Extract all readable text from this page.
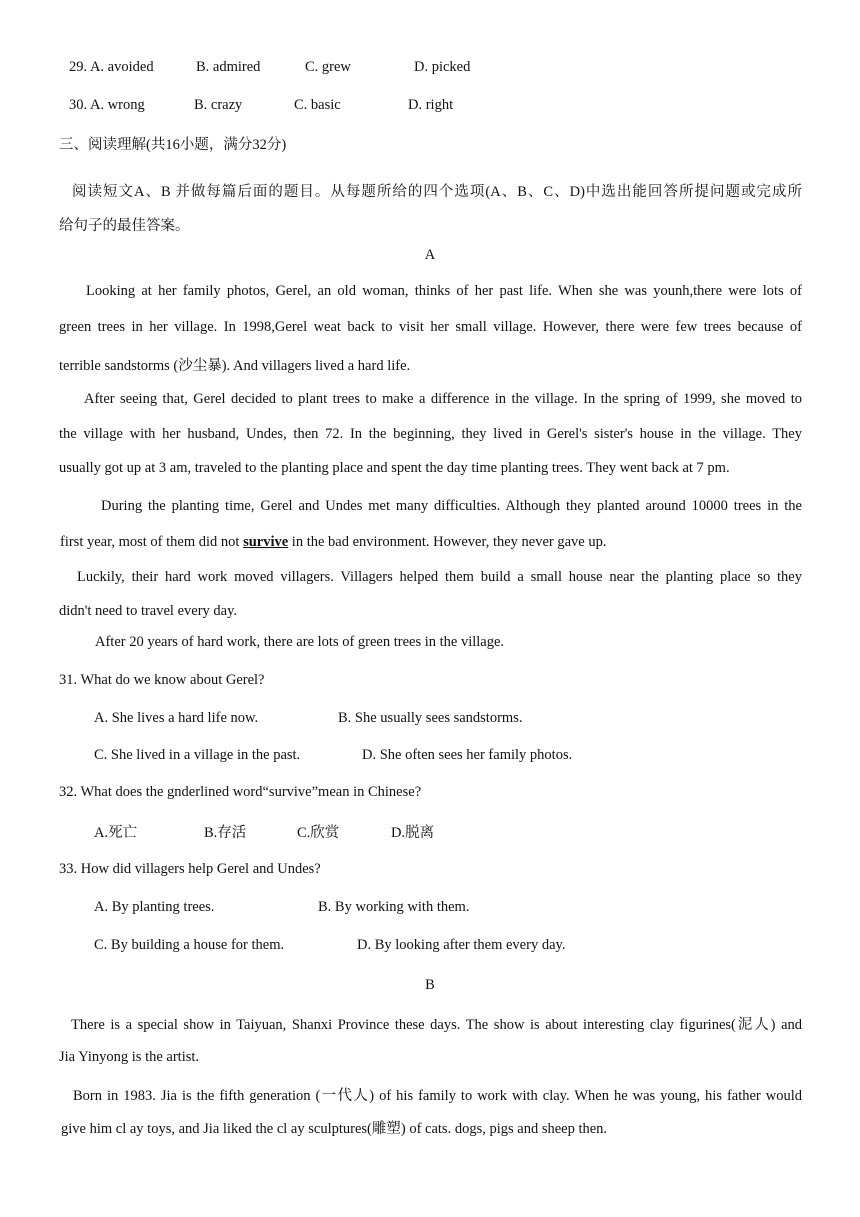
29. A. avoided	B. admired	C. grew	D. picked
30. A. wrong	B. crazy	C. basic	D. right
三、阅读理解(共16小题，满分32分)
阅读短文A、B 并做每篇后面的题目。从每题所给的四个选项(A、B、C、D)中选出能回答所提问题或完成所
给句子的最佳答案。
A
Looking at her family photos, Gerel, an old woman, thinks of her past life. When she was younh,there were lots of
green trees in her village. In 1998,Gerel weat back to visit her small village. However, there were few trees because of
terrible sandstorms (沙尘暴). And villagers lived a hard life.
After seeing that, Gerel decided to plant trees to make a difference in the village. In the spring of 1999, she moved to
the village with her husband, Undes, then 72. In the beginning, they lived in Gerel's sister's house in the village. They
usually got up at 3 am, traveled to the planting place and spent the day time planting trees. They went back at 7 pm.
During the planting time, Gerel and Undes met many difficulties. Although they planted around 10000 trees in the
first year, most of them did not survive in the bad environment. However, they never gave up.
Luckily, their hard work moved villagers. Villagers helped them build a small house near the planting place so they
didn't need to travel every day.
After 20 years of hard work, there are lots of green trees in the village.
31. What do we know about Gerel?
A. She lives a hard life now.	B. She usually sees sandstorms.
C. She lived in a village in the past.	D. She often sees her family photos.
32. What does the gnderlined word“survive”mean in Chinese?
A.死亡	B.存活	C.欣赏	D.脱离
33. How did villagers help Gerel and Undes?
A. By planting trees.	B. By working with them.
C. By building a house for them.	D. By looking after them every day.
B
There is a special show in Taiyuan, Shanxi Province these days. The show is about interesting clay figurines(泥人) and
Jia Yinyong is the artist.
Born in 1983. Jia is the fifth generation (一代人) of his family to work with clay. When he was young, his father would
give him cl ay toys, and Jia liked the cl ay sculptures(雕塑) of cats. dogs, pigs and sheep then.
